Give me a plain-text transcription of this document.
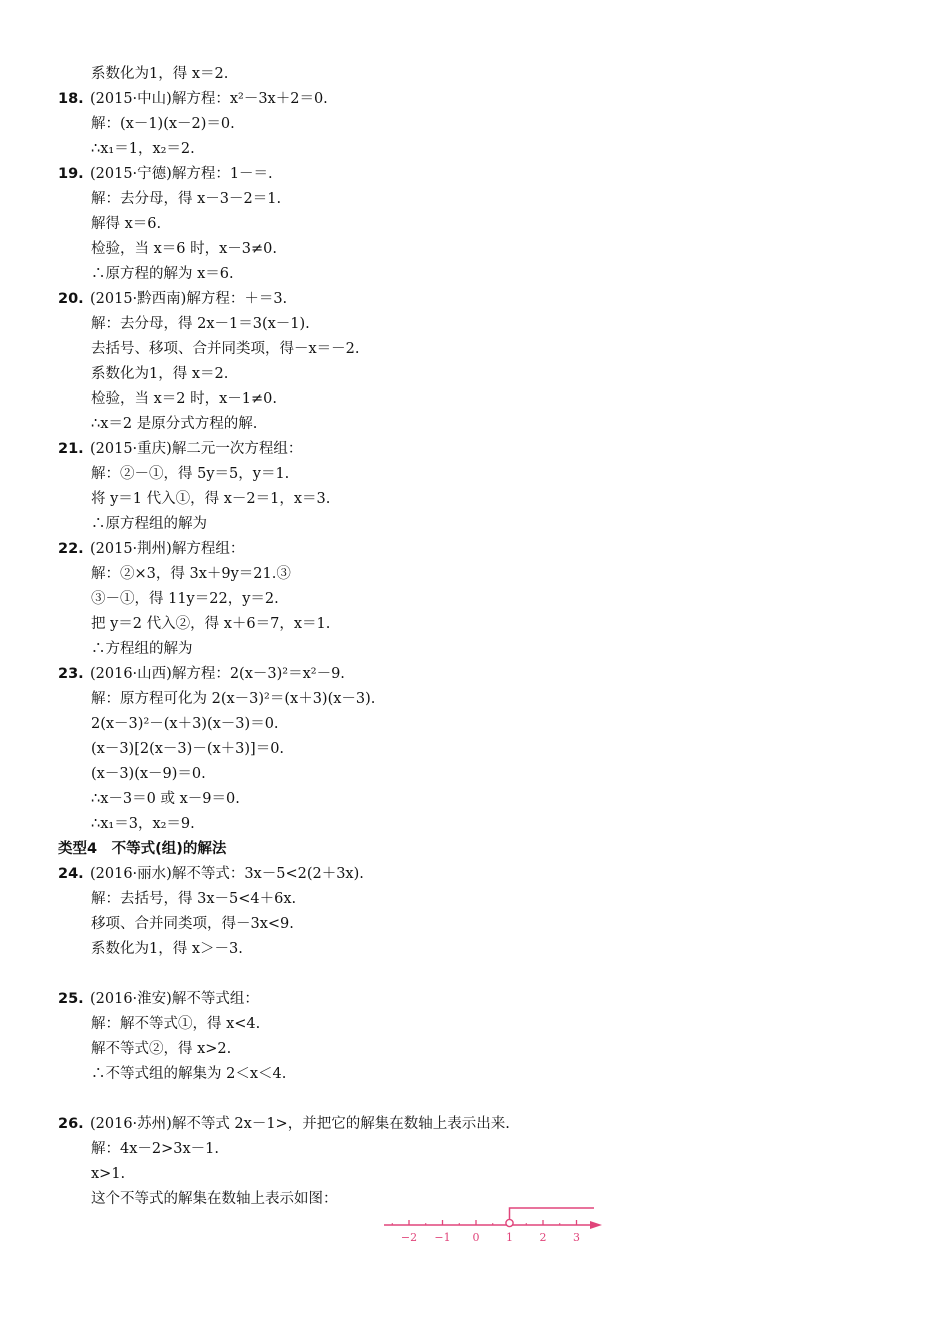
系数化为1，得 x＝2.
18. (2015·中山)解方程：x²－3x＋2＝0.
解：(x－1)(x－2)＝0.
∴x₁＝1，x₂＝2.
19. (2015·宁德)解方程：1－＝.
解：去分母，得 x－3－2＝1.
解得 x＝6.
检验，当 x＝6 时，x－3≠0.
∴原方程的解为 x＝6.
20. (2015·黔西南)解方程：＋＝3.
解：去分母，得 2x－1＝3(x－1).
去括号、移项、合并同类项，得－x＝－2.
系数化为1，得 x＝2.
检验，当 x＝2 时，x－1≠0.
∴x＝2 是原分式方程的解.
21. (2015·重庆)解二元一次方程组：
解：②－①，得 5y＝5，y＝1.
将 y＝1 代入①，得 x－2＝1，x＝3.
∴原方程组的解为
22. (2015·荆州)解方程组：
解：②×3，得 3x＋9y＝21.③
③－①，得 11y＝22，y＝2.
把 y＝2 代入②，得 x＋6＝7，x＝1.
∴方程组的解为
23. (2016·山西)解方程：2(x－3)²＝x²－9.
解：原方程可化为 2(x－3)²＝(x＋3)(x－3).
2(x－3)²－(x＋3)(x－3)＝0.
(x－3)[2(x－3)－(x＋3)]＝0.
(x－3)(x－9)＝0.
∴x－3＝0 或 x－9＝0.
∴x₁＝3，x₂＝9.
类型4　不等式(组)的解法
24. (2016·丽水)解不等式：3x－5<2(2＋3x).
解：去括号，得 3x－5<4＋6x.
移项、合并同类项，得－3x<9.
系数化为1，得 x＞－3.
25. (2016·淮安)解不等式组：
解：解不等式①，得 x<4.
解不等式②，得 x>2.
∴不等式组的解集为 2＜x＜4.
26. (2016·苏州)解不等式 2x－1>，并把它的解集在数轴上表示出来.
解：4x－2>3x－1.
x>1.
这个不等式的解集在数轴上表示如图：
−2 −1 0 1 2 3
